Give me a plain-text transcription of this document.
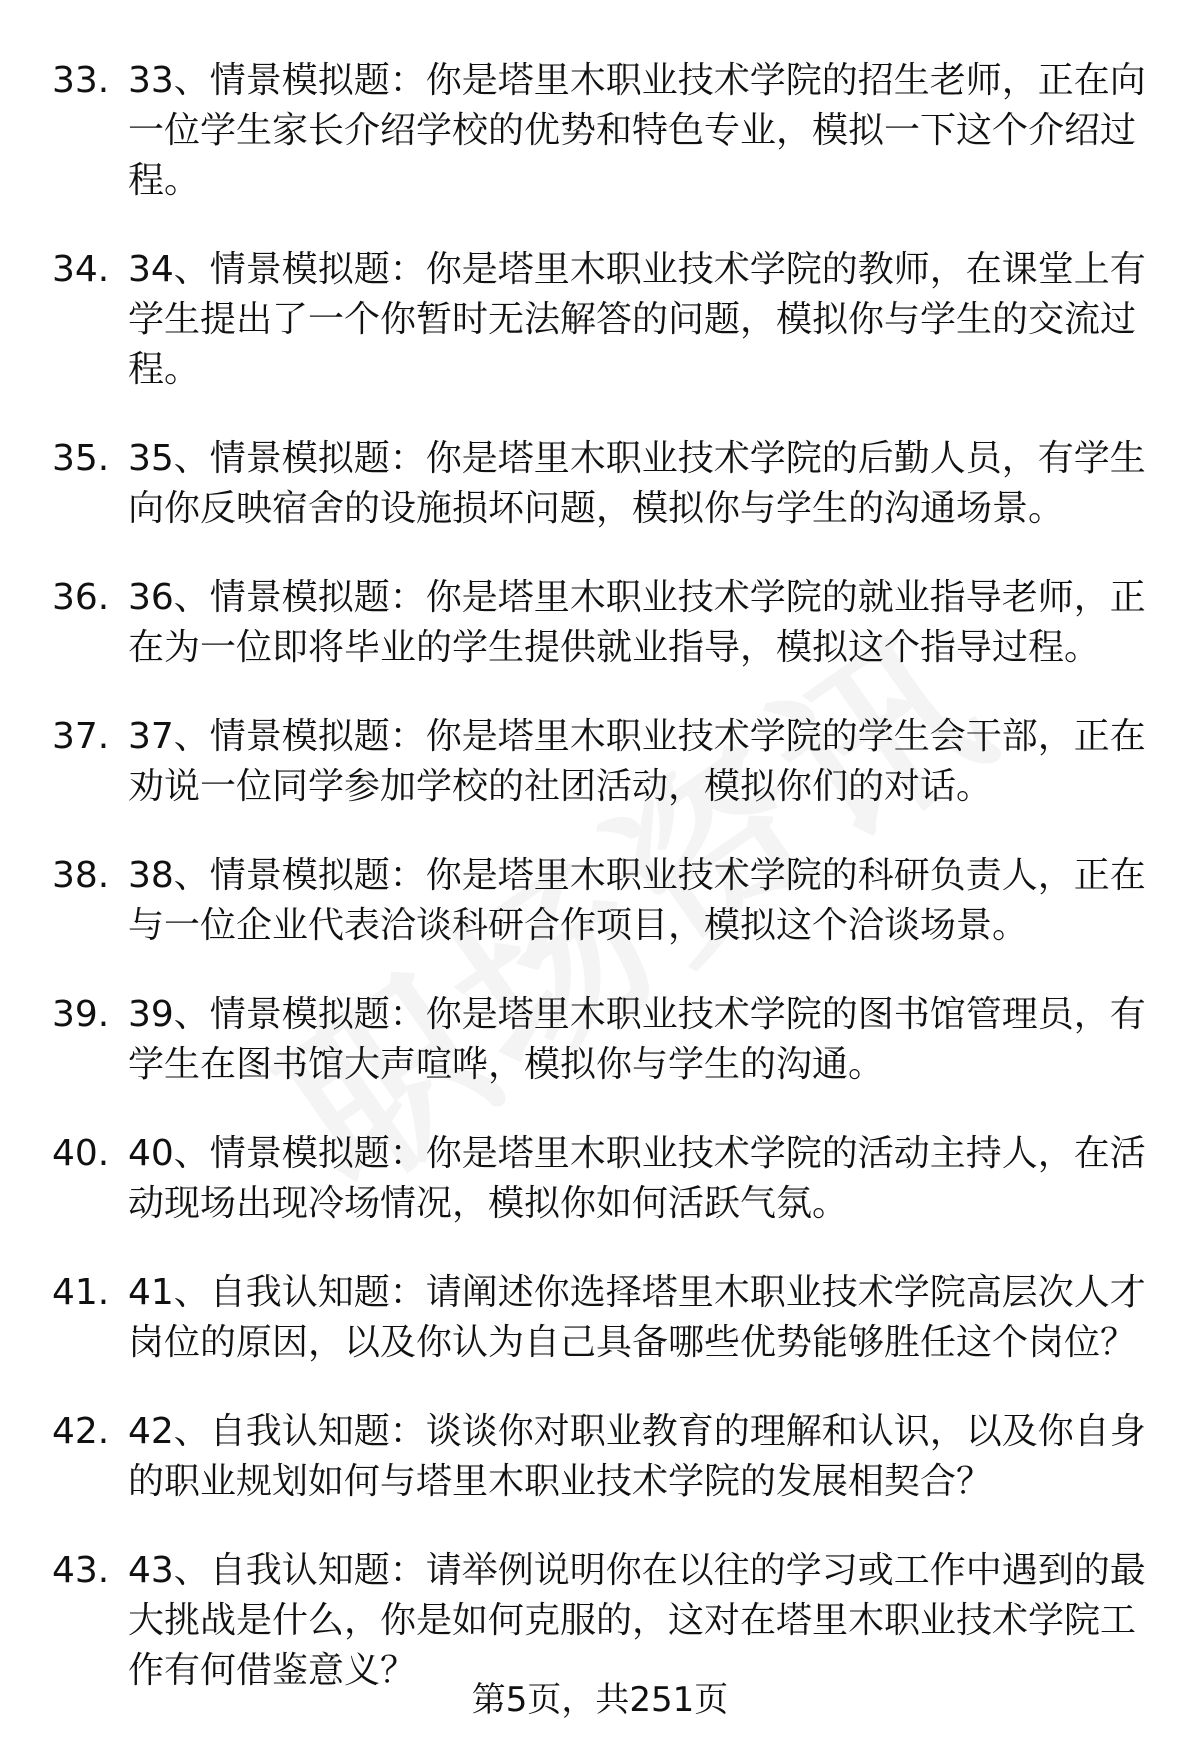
33. 33、情景模拟题：你是塔里木职业技术学院的招生老师，正在向一位学生家长介绍学校的优势和特色专业，模拟一下这个介绍过程。
34. 34、情景模拟题：你是塔里木职业技术学院的教师，在课堂上有学生提出了一个你暂时无法解答的问题，模拟你与学生的交流过程。
35. 35、情景模拟题：你是塔里木职业技术学院的后勤人员，有学生向你反映宿舍的设施损坏问题，模拟你与学生的沟通场景。
36. 36、情景模拟题：你是塔里木职业技术学院的就业指导老师，正在为一位即将毕业的学生提供就业指导，模拟这个指导过程。
37. 37、情景模拟题：你是塔里木职业技术学院的学生会干部，正在劝说一位同学参加学校的社团活动，模拟你们的对话。
38. 38、情景模拟题：你是塔里木职业技术学院的科研负责人，正在与一位企业代表洽谈科研合作项目，模拟这个洽谈场景。
39. 39、情景模拟题：你是塔里木职业技术学院的图书馆管理员，有学生在图书馆大声喧哗，模拟你与学生的沟通。
40. 40、情景模拟题：你是塔里木职业技术学院的活动主持人，在活动现场出现冷场情况，模拟你如何活跃气氛。
41. 41、自我认知题：请阐述你选择塔里木职业技术学院高层次人才岗位的原因，以及你认为自己具备哪些优势能够胜任这个岗位？
42. 42、自我认知题：谈谈你对职业教育的理解和认识，以及你自身的职业规划如何与塔里木职业技术学院的发展相契合？
43. 43、自我认知题：请举例说明你在以往的学习或工作中遇到的最大挑战是什么，你是如何克服的，这对在塔里木职业技术学院工作有何借鉴意义？
第5页，共251页
